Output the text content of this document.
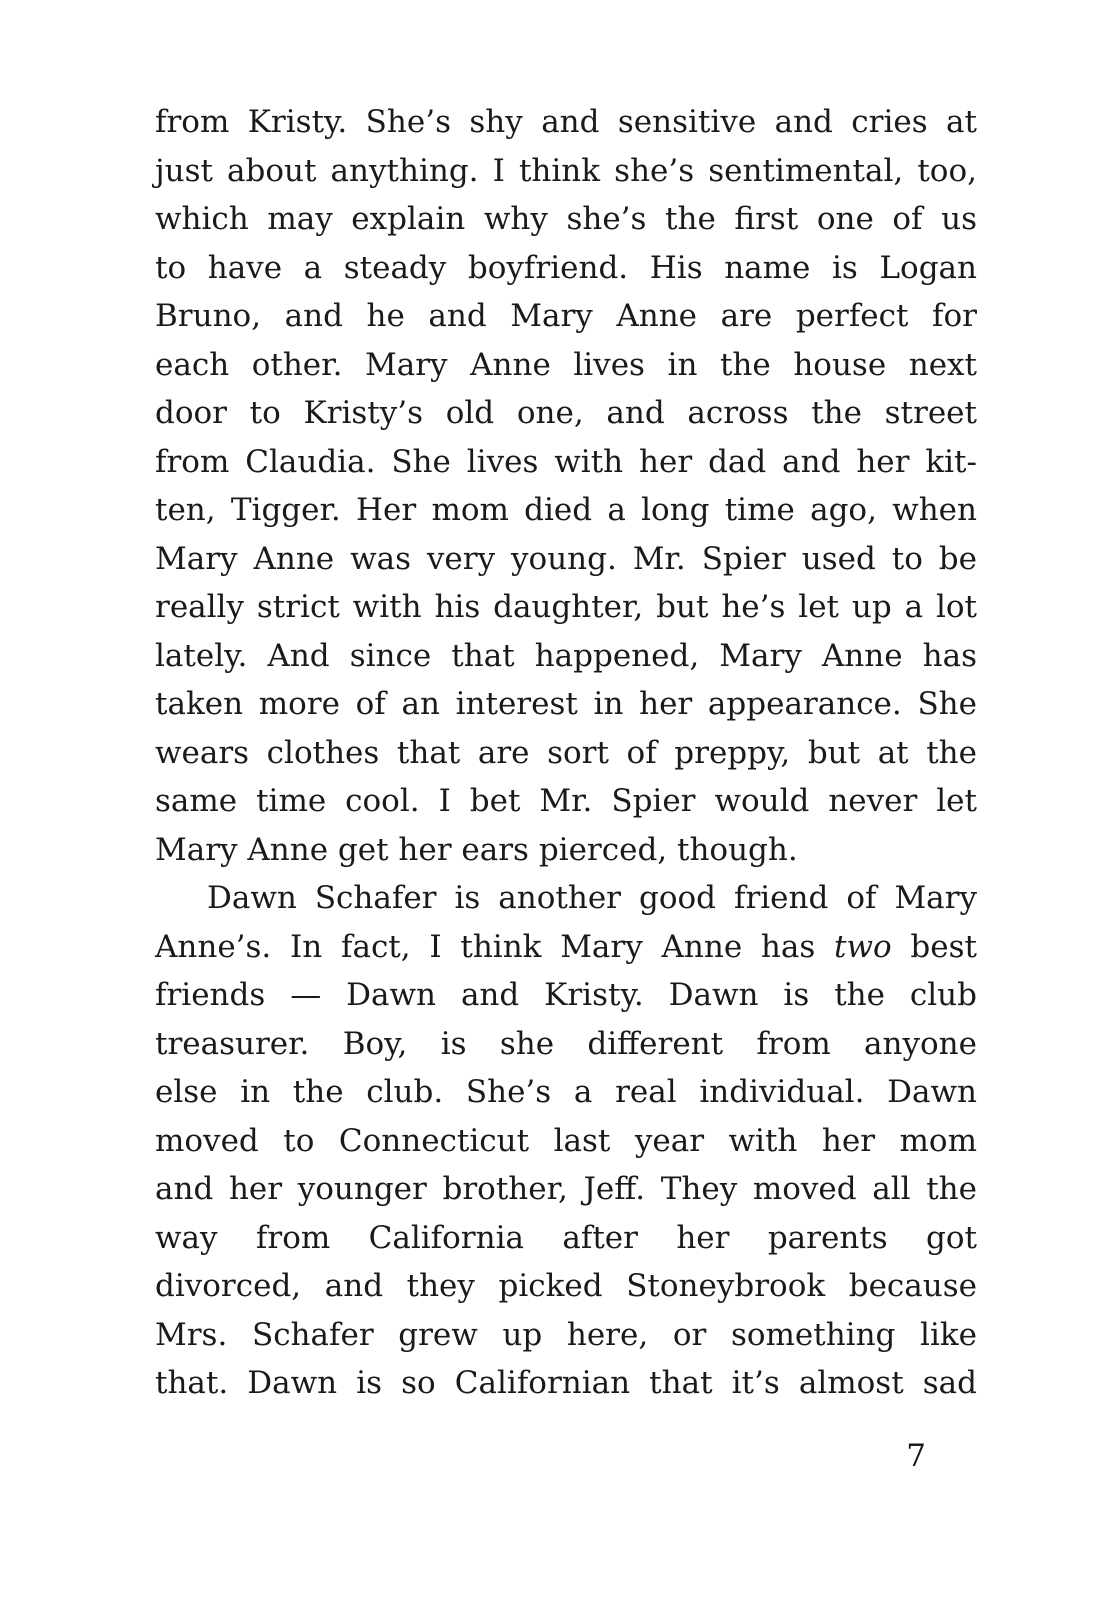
from Kristy. She’s shy and sensitive and cries at
just about anything. I think she’s sentimental, too,
which may explain why she’s the first one of us
to have a steady boyfriend. His name is Logan
Bruno, and he and Mary Anne are perfect for
each other. Mary Anne lives in the house next
door to Kristy’s old one, and across the street
from Claudia. She lives with her dad and her kit-
ten, Tigger. Her mom died a long time ago, when
Mary Anne was very young. Mr. Spier used to be
really strict with his daughter, but he’s let up a lot
lately. And since that happened, Mary Anne has
taken more of an interest in her appearance. She
wears clothes that are sort of preppy, but at the
same time cool. I bet Mr. Spier would never let
Mary Anne get her ears pierced, though.
Dawn Schafer is another good friend of Mary
Anne’s. In fact, I think Mary Anne has two best
friends — Dawn and Kristy. Dawn is the club
treasurer. Boy, is she different from anyone
else in the club. She’s a real individual. Dawn
moved to Connecticut last year with her mom
and her younger brother, Jeff. They moved all the
way from California after her parents got
divorced, and they picked Stoneybrook because
Mrs. Schafer grew up here, or something like
that. Dawn is so Californian that it’s almost sad
7
